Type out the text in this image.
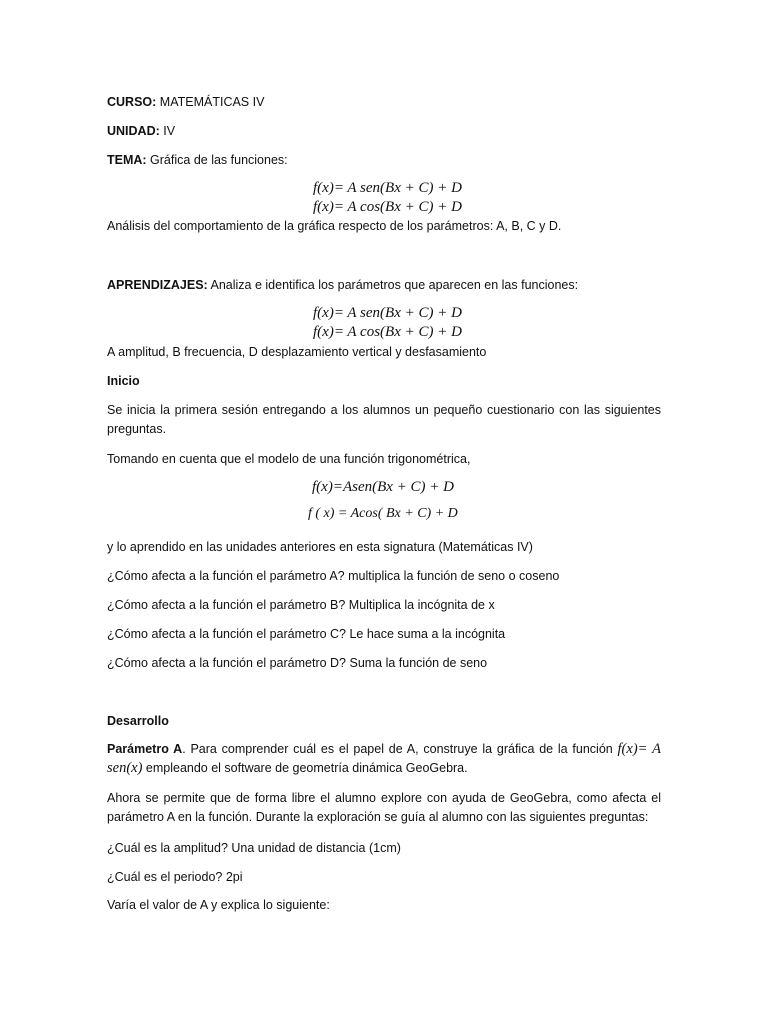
CURSO: MATEMÁTICAS IV
UNIDAD: IV
TEMA: Gráfica de las funciones:
f(x)= A sen(Bx + C) + D
f(x)= A cos(Bx + C) + D
Análisis del comportamiento de la gráfica respecto de los parámetros: A, B, C y D.
APRENDIZAJES: Analiza e identifica los parámetros que aparecen en las funciones:
f(x)= A sen(Bx + C) + D
f(x)= A cos(Bx + C) + D
A amplitud, B frecuencia, D desplazamiento vertical y desfasamiento
Inicio
Se inicia la primera sesión entregando a los alumnos un pequeño cuestionario con las siguientes preguntas.
Tomando en cuenta que el modelo de una función trigonométrica,
f(x)=Asen(Bx + C) + D
f ( x) = Acos( Bx + C) + D
y lo aprendido en las unidades anteriores en esta signatura (Matemáticas IV)
¿Cómo afecta a la función el parámetro A? multiplica la función de seno o coseno
¿Cómo afecta a la función el parámetro B? Multiplica la incógnita de x
¿Cómo afecta a la función el parámetro C? Le hace suma a la incógnita
¿Cómo afecta a la función el parámetro D? Suma la función de seno
Desarrollo
Parámetro A. Para comprender cuál es el papel de A, construye la gráfica de la función f(x)= A sen(x) empleando el software de geometría dinámica GeoGebra.
Ahora se permite que de forma libre el alumno explore con ayuda de GeoGebra, como afecta el parámetro A en la función. Durante la exploración se guía al alumno con las siguientes preguntas:
¿Cuál es la amplitud? Una unidad de distancia (1cm)
¿Cuál es el periodo? 2pi
Varía el valor de A y explica lo siguiente:
